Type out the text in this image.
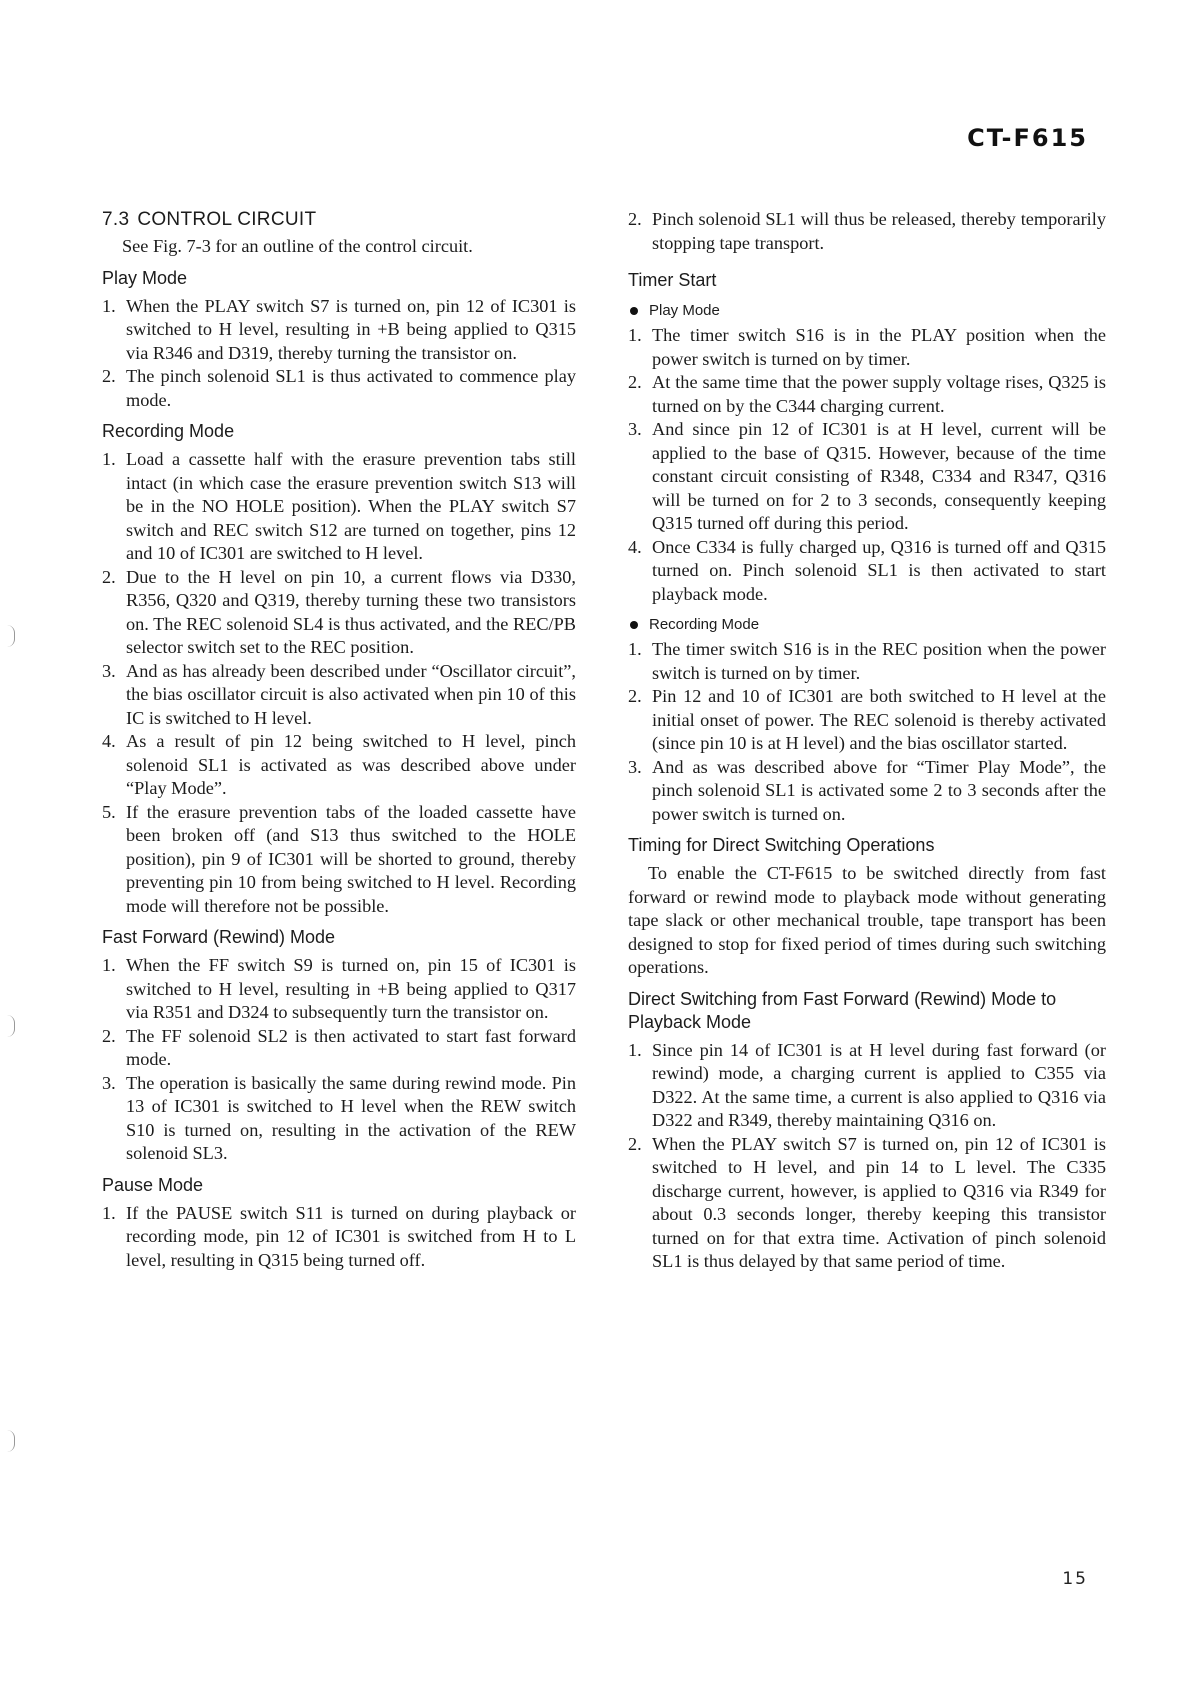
CT-F615
7.3 CONTROL CIRCUIT

See Fig. 7-3 for an outline of the control circuit.

Play Mode
1. When the PLAY switch S7 is turned on, pin 12 of IC301 is switched to H level, resulting in +B being applied to Q315 via R346 and D319, thereby turning the transistor on.
2. The pinch solenoid SL1 is thus activated to commence play mode.
Recording Mode
1. Load a cassette half with the erasure prevention tabs still intact (in which case the erasure prevention switch S13 will be in the NO HOLE position). When the PLAY switch S7 switch and REC switch S12 are turned on together, pins 12 and 10 of IC301 are switched to H level.
2. Due to the H level on pin 10, a current flows via D330, R356, Q320 and Q319, thereby turning these two transistors on. The REC solenoid SL4 is thus activated, and the REC/PB selector switch set to the REC position.
3. And as has already been described under “Oscillator circuit”, the bias oscillator circuit is also activated when pin 10 of this IC is switched to H level.
4. As a result of pin 12 being switched to H level, pinch solenoid SL1 is activated as was described above under “Play Mode”.
5. If the erasure prevention tabs of the loaded cassette have been broken off (and S13 thus switched to the HOLE position), pin 9 of IC301 will be shorted to ground, thereby preventing pin 10 from being switched to H level. Recording mode will therefore not be possible.
Fast Forward (Rewind) Mode
1. When the FF switch S9 is turned on, pin 15 of IC301 is switched to H level, resulting in +B being applied to Q317 via R351 and D324 to subsequently turn the transistor on.
2. The FF solenoid SL2 is then activated to start fast forward mode.
3. The operation is basically the same during rewind mode. Pin 13 of IC301 is switched to H level when the REW switch S10 is turned on, resulting in the activation of the REW solenoid SL3.
Pause Mode
1. If the PAUSE switch S11 is turned on during playback or recording mode, pin 12 of IC301 is switched from H to L level, resulting in Q315 being turned off.
2. Pinch solenoid SL1 will thus be released, thereby temporarily stopping tape transport.
Timer Start
Play Mode
1. The timer switch S16 is in the PLAY position when the power switch is turned on by timer.
2. At the same time that the power supply voltage rises, Q325 is turned on by the C344 charging current.
3. And since pin 12 of IC301 is at H level, current will be applied to the base of Q315. However, because of the time constant circuit consisting of R348, C334 and R347, Q316 will be turned on for 2 to 3 seconds, consequently keeping Q315 turned off during this period.
4. Once C334 is fully charged up, Q316 is turned off and Q315 turned on. Pinch solenoid SL1 is then activated to start playback mode.
Recording Mode
1. The timer switch S16 is in the REC position when the power switch is turned on by timer.
2. Pin 12 and 10 of IC301 are both switched to H level at the initial onset of power. The REC solenoid is thereby activated (since pin 10 is at H level) and the bias oscillator started.
3. And as was described above for “Timer Play Mode”, the pinch solenoid SL1 is activated some 2 to 3 seconds after the power switch is turned on.
Timing for Direct Switching Operations

To enable the CT-F615 to be switched directly from fast forward or rewind mode to playback mode without generating tape slack or other mechanical trouble, tape transport has been designed to stop for fixed period of times during such switching operations.

Direct Switching from Fast Forward (Rewind) Mode to Playback Mode
1. Since pin 14 of IC301 is at H level during fast forward (or rewind) mode, a charging current is applied to C355 via D322. At the same time, a current is also applied to Q316 via D322 and R349, thereby maintaining Q316 on.
2. When the PLAY switch S7 is turned on, pin 12 of IC301 is switched to H level, and pin 14 to L level. The C335 discharge current, however, is applied to Q316 via R349 for about 0.3 seconds longer, thereby keeping this transistor turned on for that extra time. Activation of pinch solenoid SL1 is thus delayed by that same period of time.
15
